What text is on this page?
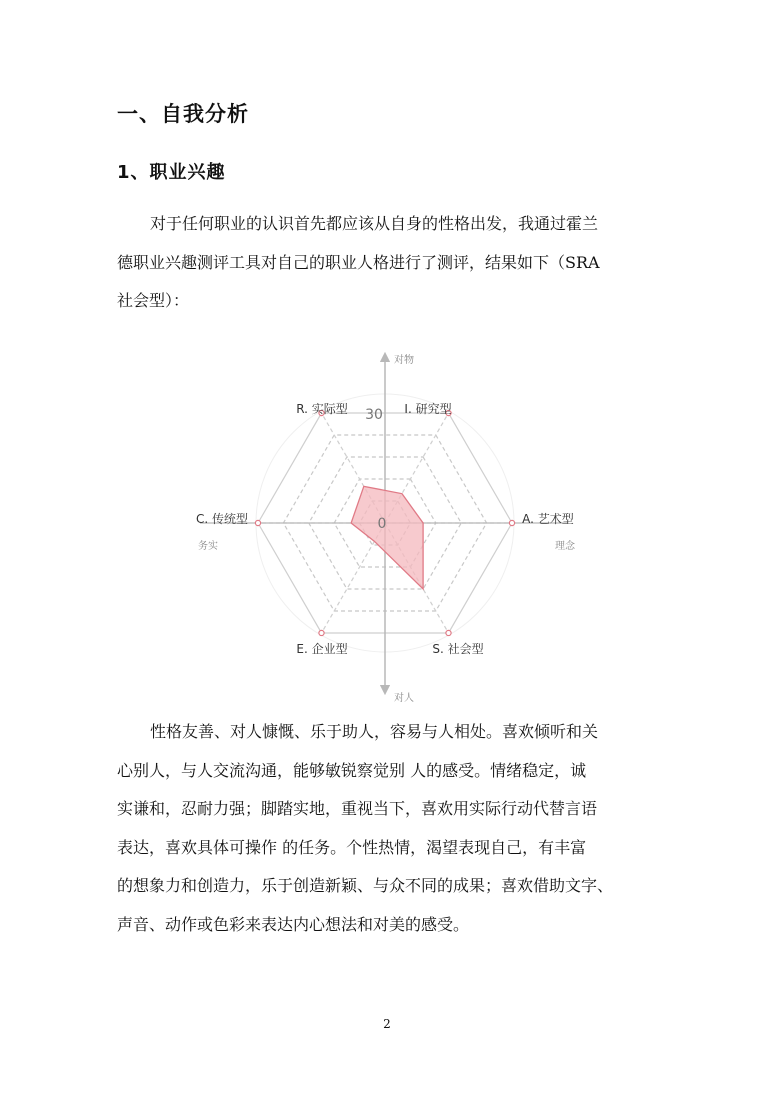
一、自我分析
1、职业兴趣

对于任何职业的认识首先都应该从自身的性格出发，我通过霍兰
德职业兴趣测评工具对自己的职业人格进行了测评，结果如下（SRA
社会型）：

I. 研究型
A. 艺术型
S. 社会型
E. 企业型
C. 传统型
R. 实际型
对物
对人
务实	理念
30
0

性格友善、对人慷慨、乐于助人，容易与人相处。喜欢倾听和关
心别人，与人交流沟通，能够敏锐察觉别 人的感受。情绪稳定，诚
实谦和，忍耐力强；脚踏实地，重视当下，喜欢用实际行动代替言语
表达，喜欢具体可操作 的任务。个性热情，渴望表现自己，有丰富
的想象力和创造力，乐于创造新颖、与众不同的成果；喜欢借助文字、
声音、动作或色彩来表达内心想法和对美的感受。

2
